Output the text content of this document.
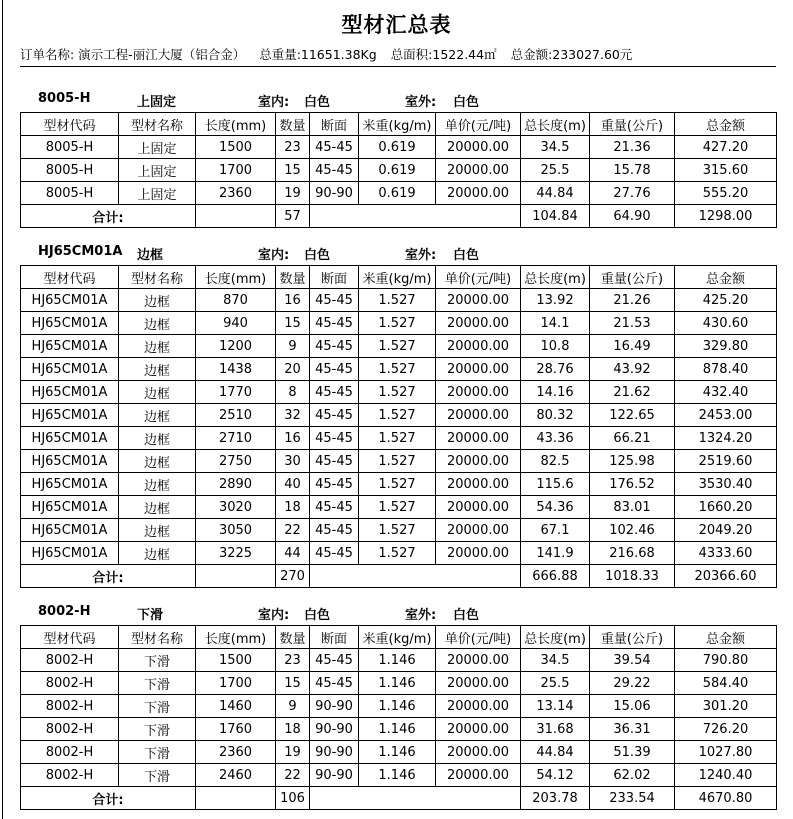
型材汇总表
订单名称: 演示工程-丽江大厦（铝合金） 总重量:11651.38Kg 总面积:1522.44㎡ 总金额:233027.60元
8005-H	上固定	室内: 白色	室外: 白色
型材代码	型材名称	长度(mm)	数量	断面	米重(kg/m)	单价(元/吨)	总长度(m)	重量(公斤)	总金额
8005-H	上固定	1500	23	45-45	0.619	20000.00	34.5	21.36	427.20
8005-H	上固定	1700	15	45-45	0.619	20000.00	25.5	15.78	315.60
8005-H	上固定	2360	19	90-90	0.619	20000.00	44.84	27.76	555.20
合计:			57				104.84	64.90	1298.00
HJ65CM01A 边框	室内: 白色	室外: 白色
型材代码	型材名称	长度(mm)	数量	断面	米重(kg/m)	单价(元/吨)	总长度(m)	重量(公斤)	总金额
HJ65CM01A	边框	870	16	45-45	1.527	20000.00	13.92	21.26	425.20
HJ65CM01A	边框	940	15	45-45	1.527	20000.00	14.1	21.53	430.60
HJ65CM01A	边框	1200	9	45-45	1.527	20000.00	10.8	16.49	329.80
HJ65CM01A	边框	1438	20	45-45	1.527	20000.00	28.76	43.92	878.40
HJ65CM01A	边框	1770	8	45-45	1.527	20000.00	14.16	21.62	432.40
HJ65CM01A	边框	2510	32	45-45	1.527	20000.00	80.32	122.65	2453.00
HJ65CM01A	边框	2710	16	45-45	1.527	20000.00	43.36	66.21	1324.20
HJ65CM01A	边框	2750	30	45-45	1.527	20000.00	82.5	125.98	2519.60
HJ65CM01A	边框	2890	40	45-45	1.527	20000.00	115.6	176.52	3530.40
HJ65CM01A	边框	3020	18	45-45	1.527	20000.00	54.36	83.01	1660.20
HJ65CM01A	边框	3050	22	45-45	1.527	20000.00	67.1	102.46	2049.20
HJ65CM01A	边框	3225	44	45-45	1.527	20000.00	141.9	216.68	4333.60
合计:			270				666.88	1018.33	20366.60
8002-H	下滑	室内: 白色	室外: 白色
型材代码	型材名称	长度(mm)	数量	断面	米重(kg/m)	单价(元/吨)	总长度(m)	重量(公斤)	总金额
8002-H	下滑	1500	23	45-45	1.146	20000.00	34.5	39.54	790.80
8002-H	下滑	1700	15	45-45	1.146	20000.00	25.5	29.22	584.40
8002-H	下滑	1460	9	90-90	1.146	20000.00	13.14	15.06	301.20
8002-H	下滑	1760	18	90-90	1.146	20000.00	31.68	36.31	726.20
8002-H	下滑	2360	19	90-90	1.146	20000.00	44.84	51.39	1027.80
8002-H	下滑	2460	22	90-90	1.146	20000.00	54.12	62.02	1240.40
合计:			106				203.78	233.54	4670.80
